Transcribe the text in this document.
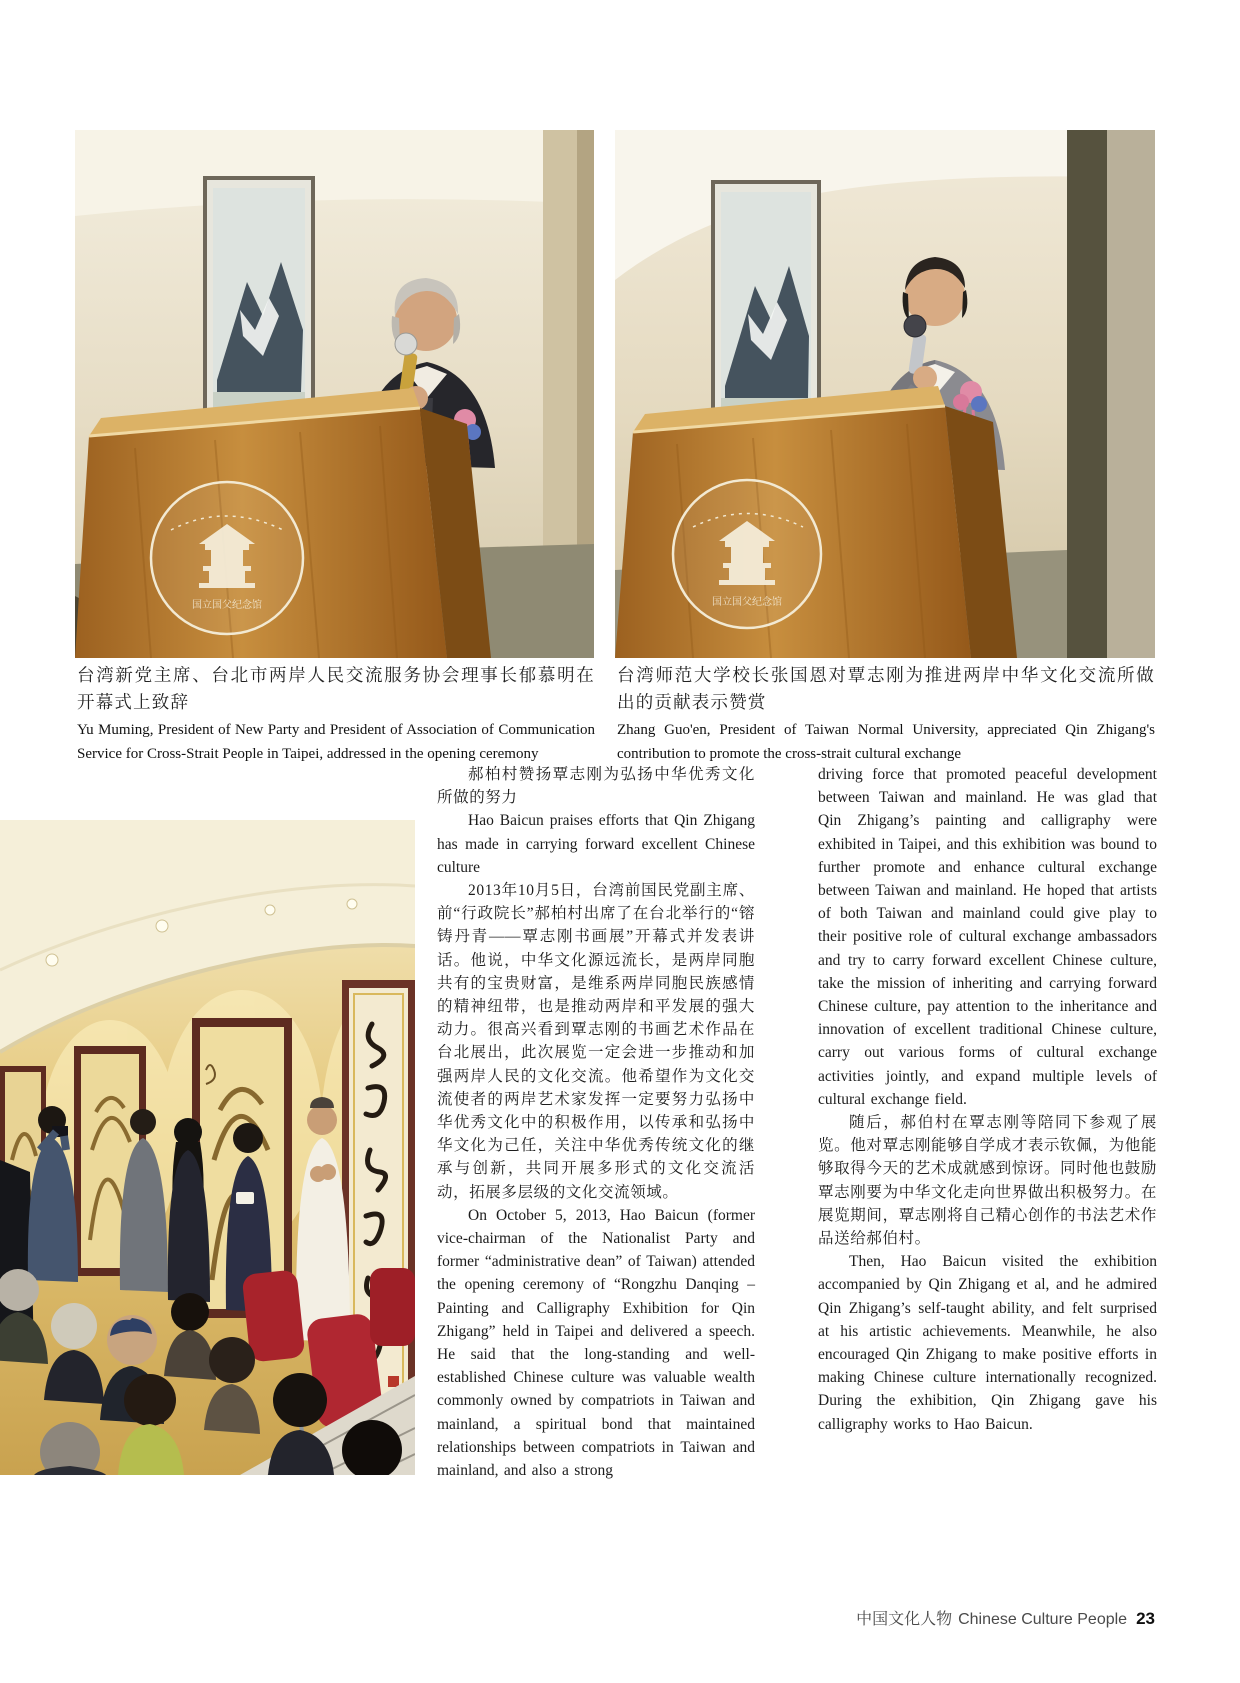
国立国父纪念馆	国立国父纪念馆

台湾新党主席、台北市两岸人民交流服务协会理事长郁慕明在开幕式上致辞

Yu Muming, President of New Party and President of Association of Communication Service for Cross-Strait People in Taipei, addressed in the opening ceremony

台湾师范大学校长张国恩对覃志刚为推进两岸中华文化交流所做出的贡献表示赞赏

Zhang Guo'en, President of Taiwan Normal University, appreciated Qin Zhigang's contribution to promote the cross-strait cultural exchange

郝柏村赞扬覃志刚为弘扬中华优秀文化所做的努力

Hao Baicun praises efforts that Qin Zhigang has made in carrying forward excellent Chinese culture

2013年10月5日，台湾前国民党副主席、前“行政院长”郝柏村出席了在台北举行的“镕铸丹青——覃志刚书画展”开幕式并发表讲话。他说，中华文化源远流长，是两岸同胞共有的宝贵财富，是维系两岸同胞民族感情的精神纽带，也是推动两岸和平发展的强大动力。很高兴看到覃志刚的书画艺术作品在台北展出，此次展览一定会进一步推动和加强两岸人民的文化交流。他希望作为文化交流使者的两岸艺术家发挥一定要努力弘扬中华优秀文化中的积极作用，以传承和弘扬中华文化为己任，关注中华优秀传统文化的继承与创新，共同开展多形式的文化交流活动，拓展多层级的文化交流领域。

On October 5, 2013, Hao Baicun (former vice-chairman of the Nationalist Party and former “administrative dean” of Taiwan) attended the opening ceremony of “Rongzhu Danqing – Painting and Calligraphy Exhibition for Qin Zhigang” held in Taipei and delivered a speech. He said that the long-standing and well-established Chinese culture was valuable wealth commonly owned by compatriots in Taiwan and mainland, a spiritual bond that maintained relationships between compatriots in Taiwan and mainland, and also a strong

driving force that promoted peaceful development between Taiwan and mainland. He was glad that Qin Zhigang’s painting and calligraphy were exhibited in Taipei, and this exhibition was bound to further promote and enhance cultural exchange between Taiwan and mainland. He hoped that artists of both Taiwan and mainland could give play to their positive role of cultural exchange ambassadors and try to carry forward excellent Chinese culture, take the mission of inheriting and carrying forward Chinese culture, pay attention to the inheritance and innovation of excellent traditional Chinese culture, carry out various forms of cultural exchange activities jointly, and expand multiple levels of cultural exchange field.

随后，郝伯村在覃志刚等陪同下参观了展览。他对覃志刚能够自学成才表示钦佩，为他能够取得今天的艺术成就感到惊讶。同时他也鼓励覃志刚要为中华文化走向世界做出积极努力。在展览期间，覃志刚将自己精心创作的书法艺术作品送给郝伯村。

Then, Hao Baicun visited the exhibition accompanied by Qin Zhigang et al, and he admired Qin Zhigang’s self-taught ability, and felt surprised at his artistic achievements. Meanwhile, he also encouraged Qin Zhigang to make positive efforts in making Chinese culture internationally recognized. During the exhibition, Qin Zhigang gave his calligraphy works to Hao Baicun.

中国文化人物 Chinese Culture People 23
